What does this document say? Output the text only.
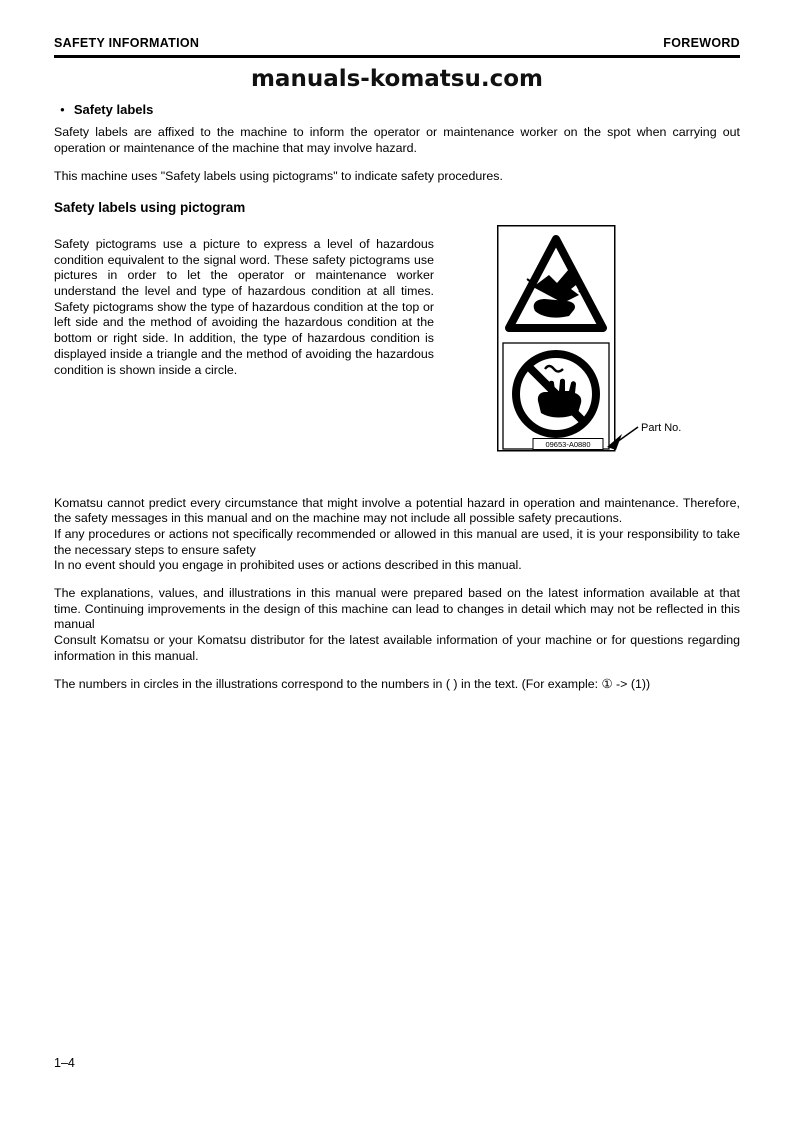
SAFETY INFORMATION	FOREWORD
manuals-komatsu.com
● Safety labels

Safety labels are affixed to the machine to inform the operator or maintenance worker on the spot when carrying out operation or maintenance of the machine that may involve hazard.

This machine uses "Safety labels using pictograms" to indicate safety procedures.

Safety labels using pictogram

Safety pictograms use a picture to express a level of hazardous condition equivalent to the signal word. These safety pictograms use pictures in order to let the operator or maintenance worker understand the level and type of hazardous condition at all times. Safety pictograms show the type of hazardous condition at the top or left side and the method of avoiding the hazardous condition at the bottom or right side. In addition, the type of hazardous condition is displayed inside a triangle and the method of avoiding the hazardous condition is shown inside a circle.

09653-A0880
Part No.

Komatsu cannot predict every circumstance that might involve a potential hazard in operation and maintenance. Therefore, the safety messages in this manual and on the machine may not include all possible safety precautions.

If any procedures or actions not specifically recommended or allowed in this manual are used, it is your responsibility to take the necessary steps to ensure safety

In no event should you engage in prohibited uses or actions described in this manual.

The explanations, values, and illustrations in this manual were prepared based on the latest information available at that time. Continuing improvements in the design of this machine can lead to changes in detail which may not be reflected in this manual

Consult Komatsu or your Komatsu distributor for the latest available information of your machine or for questions regarding information in this manual.

The numbers in circles in the illustrations correspond to the numbers in ( ) in the text. (For example: ① -> (1))

1–4
